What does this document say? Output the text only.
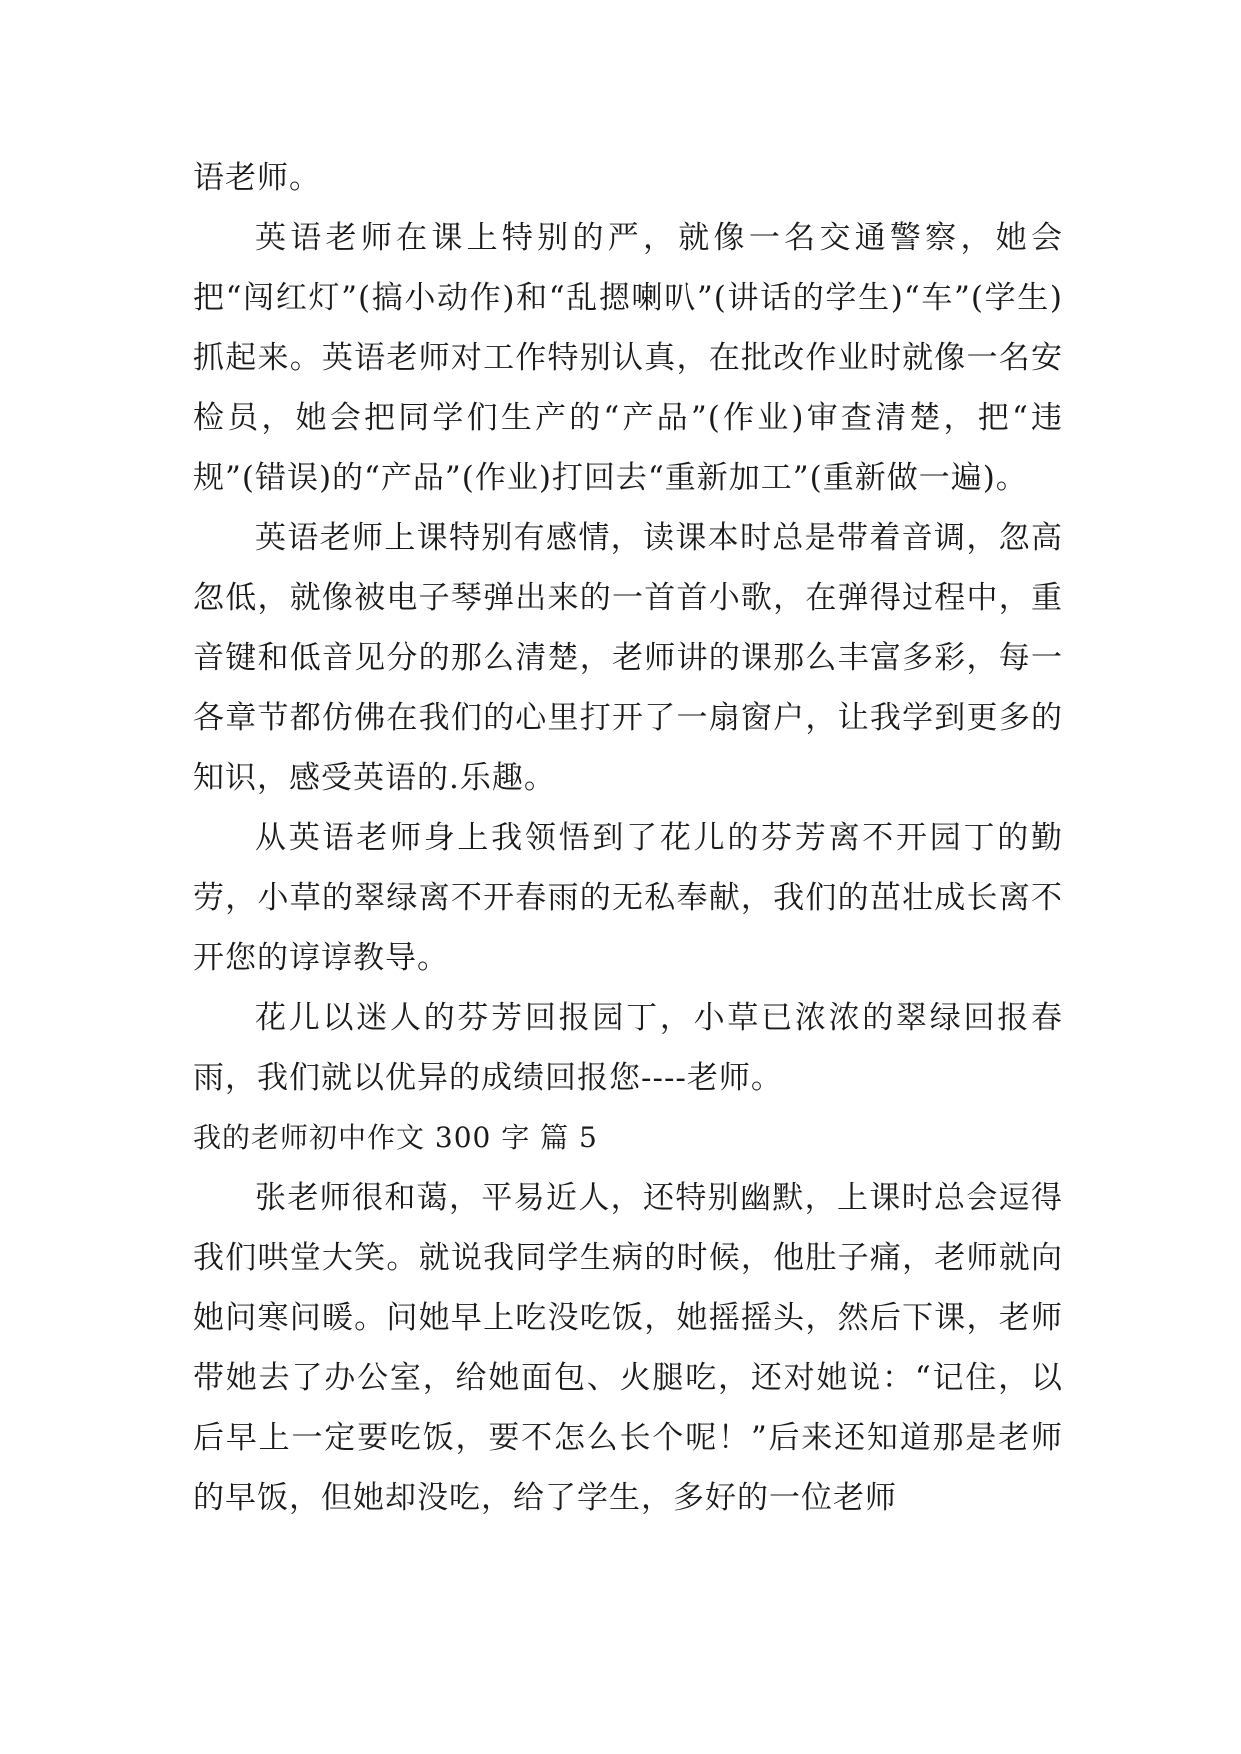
语老师。

英语老师在课上特别的严，就像一名交通警察，她会把“闯红灯”(搞小动作)和“乱摁喇叭”(讲话的学生)“车”(学生)抓起来。英语老师对工作特别认真，在批改作业时就像一名安检员，她会把同学们生产的“产品”(作业)审查清楚，把“违规”(错误)的“产品”(作业)打回去“重新加工”(重新做一遍)。

英语老师上课特别有感情，读课本时总是带着音调，忽高忽低，就像被电子琴弹出来的一首首小歌，在弹得过程中，重音键和低音见分的那么清楚，老师讲的课那么丰富多彩，每一各章节都仿佛在我们的心里打开了一扇窗户，让我学到更多的知识，感受英语的.乐趣。

从英语老师身上我领悟到了花儿的芬芳离不开园丁的勤劳，小草的翠绿离不开春雨的无私奉献，我们的茁壮成长离不开您的谆谆教导。

花儿以迷人的芬芳回报园丁，小草已浓浓的翠绿回报春雨，我们就以优异的成绩回报您----老师。

我的老师初中作文 300 字 篇 5

张老师很和蔼，平易近人，还特别幽默，上课时总会逗得我们哄堂大笑。就说我同学生病的时候，他肚子痛，老师就向她问寒问暖。问她早上吃没吃饭，她摇摇头，然后下课，老师带她去了办公室，给她面包、火腿吃，还对她说：“记住，以后早上一定要吃饭，要不怎么长个呢！”后来还知道那是老师的早饭，但她却没吃，给了学生，多好的一位老师
